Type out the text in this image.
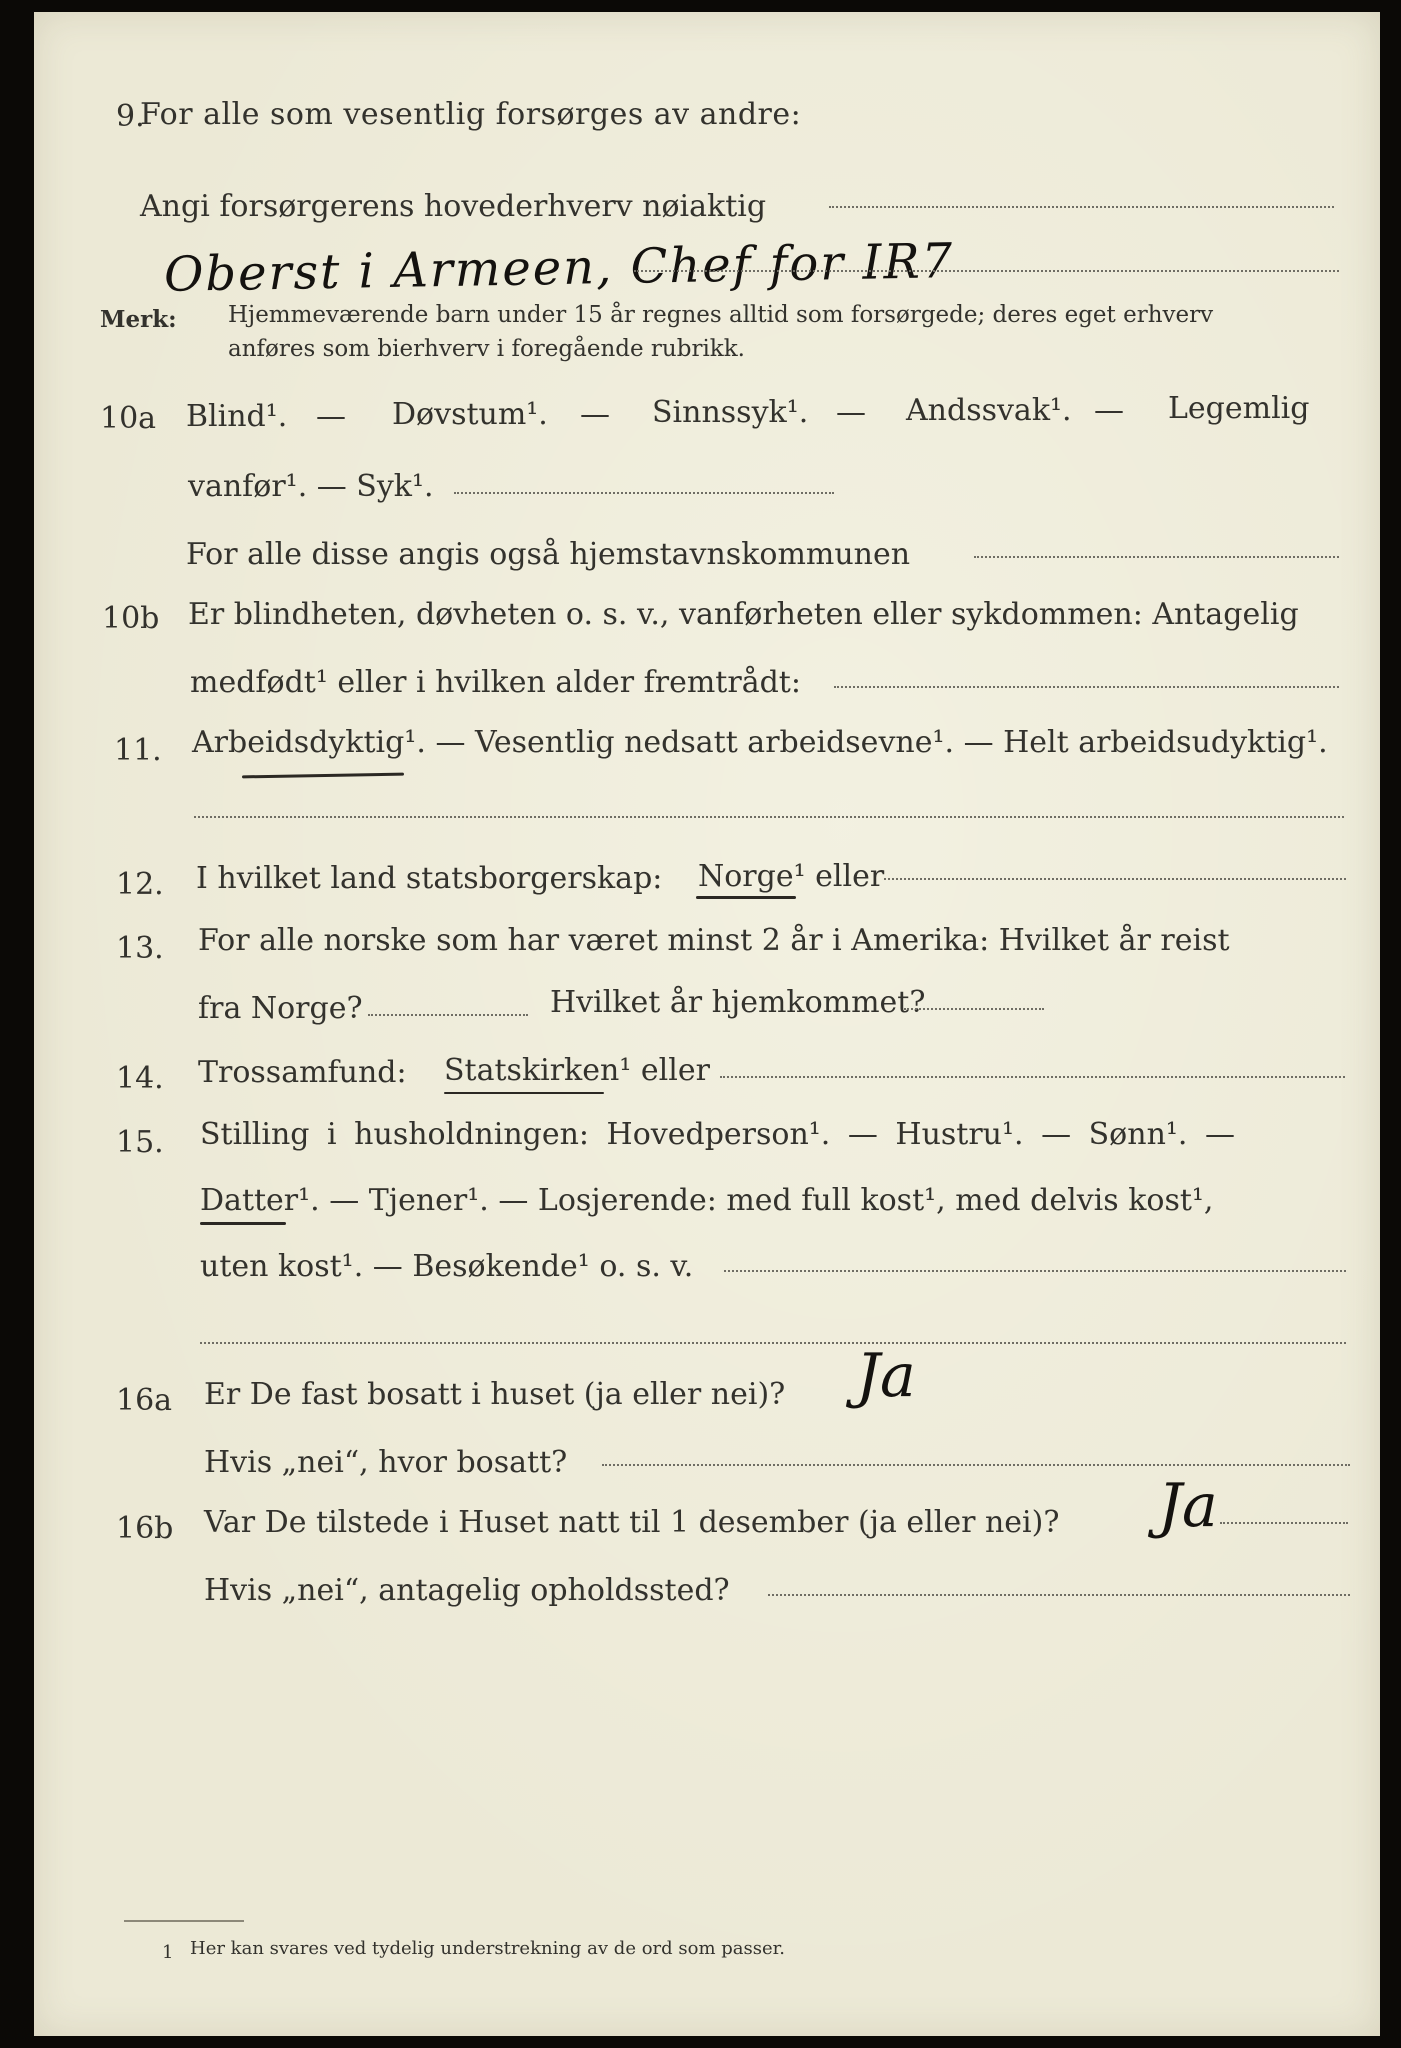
9.
For alle som vesentlig forsørges av andre:
Angi forsørgerens hovederhverv nøiaktig
Oberst i Armeen, Chef for IR7
Merk: Hjemmeværende barn under 15 år regnes alltid som forsørgede; deres eget erhverv
anføres som bierhverv i foregående rubrikk.
10a Blind¹. — Døvstum¹. — Sinnssyk¹. — Andssvak¹. — Legemlig
vanfør¹. — Syk¹.
For alle disse angis også hjemstavnskommunen
10b Er blindheten, døvheten o. s. v., vanførheten eller sykdommen: Antagelig
medfødt¹ eller i hvilken alder fremtrådt:
11. Arbeidsdyktig¹. — Vesentlig nedsatt arbeidsevne¹. — Helt arbeidsudyktig¹.
12. I hvilket land statsborgerskap: Norge¹ eller
13. For alle norske som har været minst 2 år i Amerika: Hvilket år reist
fra Norge?	Hvilket år hjemkommet?
14. Trossamfund: Statskirken¹ eller
15. Stilling i husholdningen: Hovedperson¹. — Hustru¹. — Sønn¹. —
Datter¹. — Tjener¹. — Losjerende: med full kost¹, med delvis kost¹,
uten kost¹. — Besøkende¹ o. s. v.
16a Er De fast bosatt i huset (ja eller nei)? Ja
Hvis „nei“, hvor bosatt?
16b Var De tilstede i Huset natt til 1 desember (ja eller nei)? Ja
Hvis „nei“, antagelig opholdssted?
1 Her kan svares ved tydelig understrekning av de ord som passer.
